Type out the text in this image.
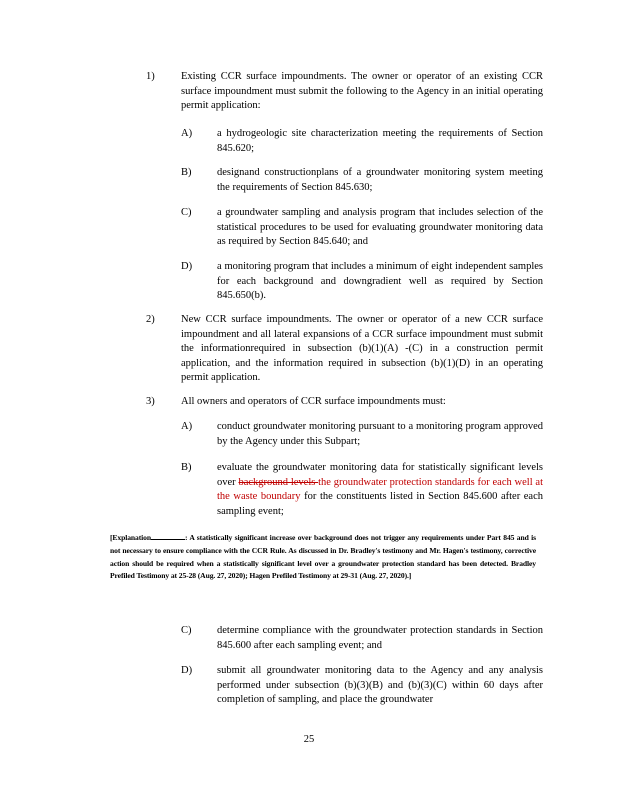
1)	Existing CCR surface impoundments. The owner or operator of an existing CCR surface impoundment must submit the following to the Agency in an initial operating permit application:
A)	a hydrogeologic site characterization meeting the requirements of Section 845.620;
B)	designand constructionplans of a groundwater monitoring system meeting the requirements of Section 845.630;
C)	a groundwater sampling and analysis program that includes selection of the statistical procedures to be used for evaluating groundwater monitoring data as required by Section 845.640; and
D)	a monitoring program that includes a minimum of eight independent samples for each background and downgradient well as required by Section 845.650(b).
2)	New CCR surface impoundments. The owner or operator of a new CCR surface impoundment and all lateral expansions of a CCR surface impoundment must submit the informationrequired in subsection (b)(1)(A) -(C) in a construction permit application, and the information required in subsection (b)(1)(D) in an operating permit application.
3)	All owners and operators of CCR surface impoundments must:
A)	conduct groundwater monitoring pursuant to a monitoring program approved by the Agency under this Subpart;
B)	evaluate the groundwater monitoring data for statistically significant levels over background levels the groundwater protection standards for each well at the waste boundary for the constituents listed in Section 845.600 after each sampling event;
[Explanation	: A statistically significant increase over background does not trigger any requirements under Part 845 and is not necessary to ensure compliance with the CCR Rule. As discussed in Dr. Bradley's testimony and Mr. Hagen's testimony, corrective action should be required when a statistically significant level over a groundwater protection standard has been detected. Bradley Prefiled Testimony at 25-28 (Aug. 27, 2020); Hagen Prefiled Testimony at 29-31 (Aug. 27, 2020).]
C)	determine compliance with the groundwater protection standards in Section 845.600 after each sampling event; and
D)	submit all groundwater monitoring data to the Agency and any analysis performed under subsection (b)(3)(B) and (b)(3)(C) within 60 days after completion of sampling, and place the groundwater
25
